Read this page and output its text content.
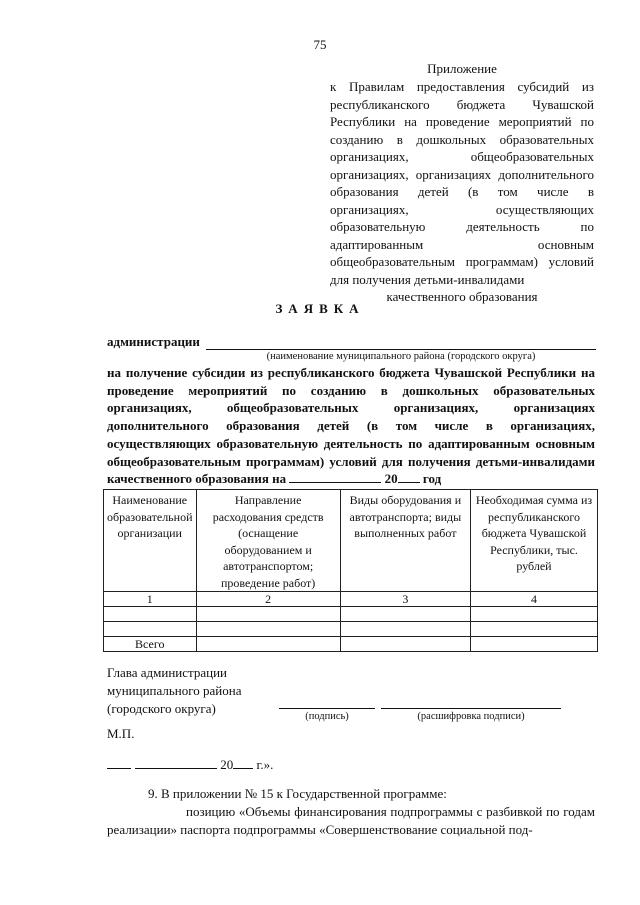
75
Приложение
к Правилам предоставления субсидий из республиканского бюджета Чувашской Республики на проведение мероприятий по созданию в дошкольных образовательных организациях, общеобразовательных организациях, организациях дополнительного образования детей (в том числе в организациях, осуществляющих образовательную деятельность по адаптированным основным общеобразовательным программам) условий для получения детьми-инвалидами
качественного образования
ЗАЯВКА
администрации
(наименование муниципального района (городского округа)
на получение субсидии из республиканского бюджета Чувашской Республики на проведение мероприятий по созданию в дошкольных образовательных организациях, общеобразовательных организациях, организациях дополнительного образования детей (в том числе в организациях, осуществляющих образовательную деятельность по адаптированным основным общеобразовательным программам) условий для получения детьми-инвалидами качественного образования на	20 год
Наименование образовательной организации	Направление расходования средств (оснащение оборудованием и автотранспортом; проведение работ)	Виды оборудования и автотранспорта; виды выполненных работ	Необходимая сумма из республиканского бюджета Чувашской Республики, тыс. рублей
1	2	3	4

Всего			
Глава администрации
муниципального района
(городского округа)
(подпись)	(расшифровка подписи)
М.П.
20 г.».
9. В приложении № 15 к Государственной программе:
позицию «Объемы финансирования подпрограммы с разбивкой по годам реализации» паспорта подпрограммы «Совершенствование социальной под-
